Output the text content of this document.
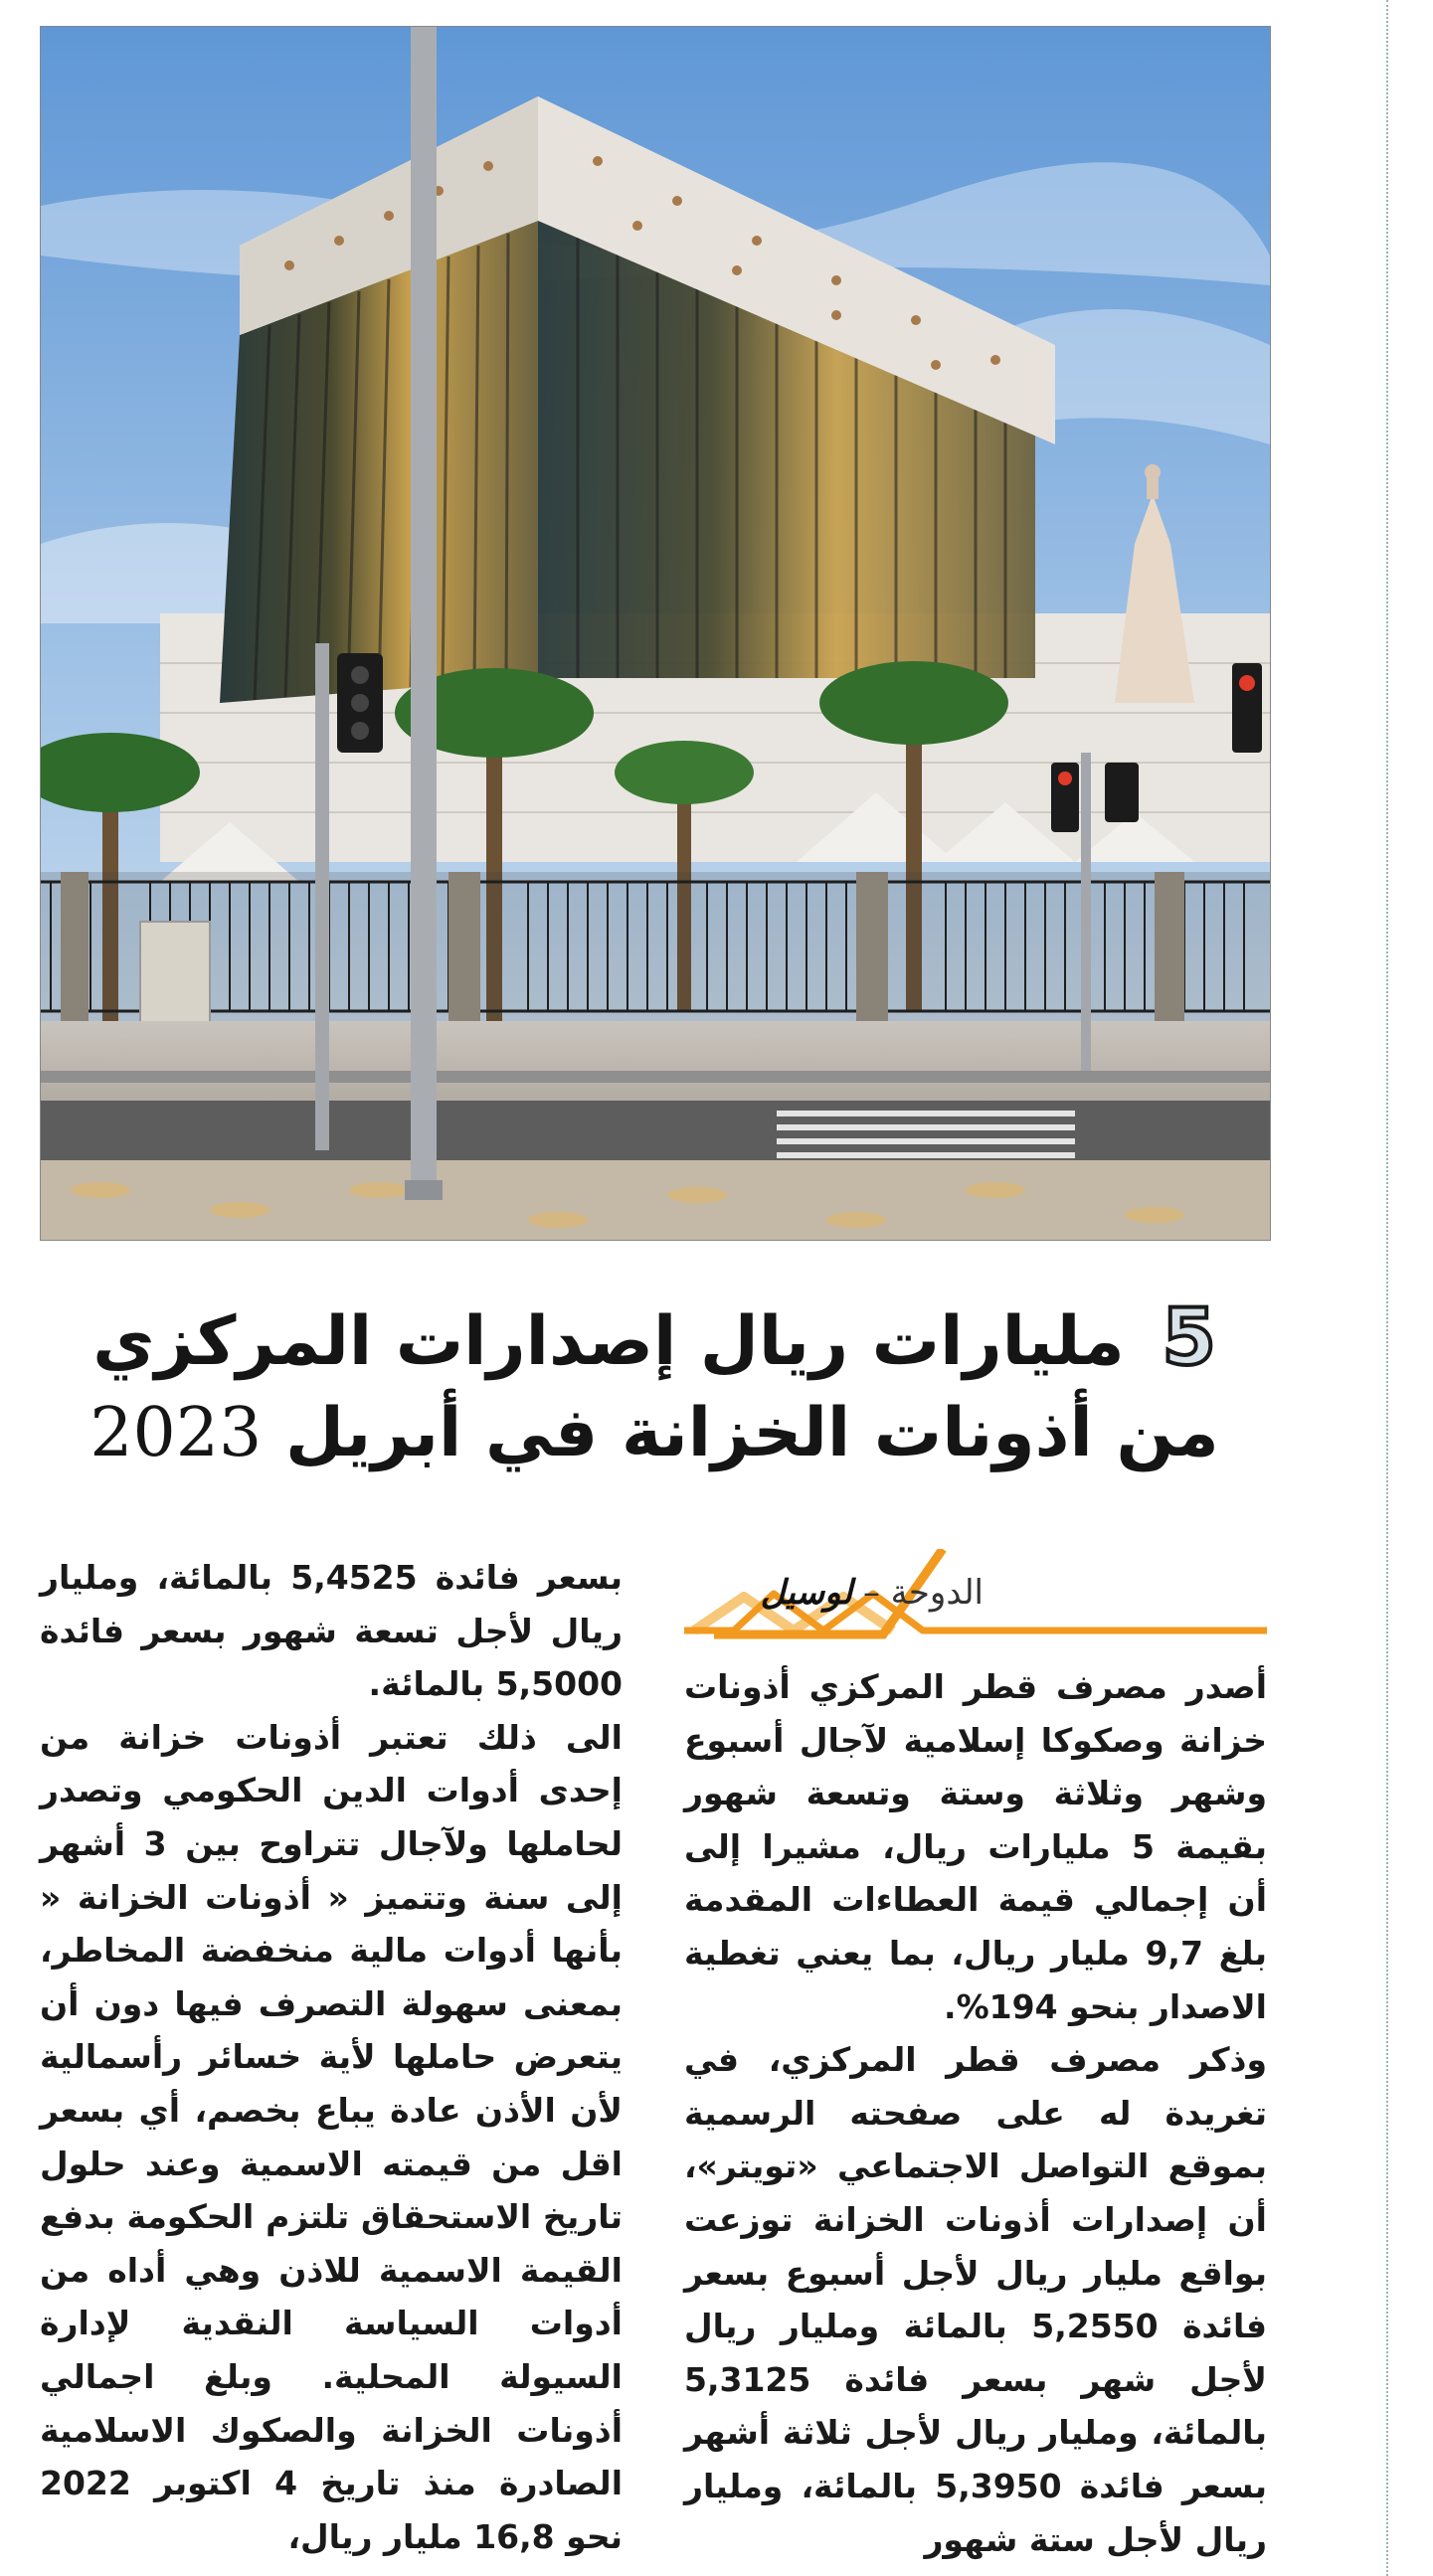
5 مليارات ريال إصدارات المركزي
من أذونات الخزانة في أبريل 2023
الدوحة – لوسيل

أصدر مصرف قطر المركزي أذونات خزانة وصكوكا إسلامية لآجال أسبوع وشهر وثلاثة وستة وتسعة شهور بقيمة 5 مليارات ريال، مشيرا إلى أن إجمالي قيمة العطاءات المقدمة بلغ 9,7 مليار ريال، بما يعني تغطية الاصدار بنحو 194%.

وذكر مصرف قطر المركزي، في تغريدة له على صفحته الرسمية بموقع التواصل الاجتماعي «تويتر»، أن إصدارات أذونات الخزانة توزعت بواقع مليار ريال لأجل أسبوع بسعر فائدة 5,2550 بالمائة ومليار ريال لأجل شهر بسعر فائدة 5,3125 بالمائة، ومليار ريال لأجل ثلاثة أشهر بسعر فائدة 5,3950 بالمائة، ومليار ريال لأجل ستة شهور

بسعر فائدة 5,4525 بالمائة، ومليار ريال لأجل تسعة شهور بسعر فائدة 5,5000 بالمائة.

الى ذلك تعتبر أذونات خزانة من إحدى أدوات الدين الحكومي وتصدر لحاملها ولآجال تتراوح بين 3 أشهر إلى سنة وتتميز « أذونات الخزانة « بأنها أدوات مالية منخفضة المخاطر، بمعنى سهولة التصرف فيها دون أن يتعرض حاملها لأية خسائر رأسمالية لأن الأذن عادة يباع بخصم، أي بسعر اقل من قيمته الاسمية وعند حلول تاريخ الاستحقاق تلتزم الحكومة بدفع القيمة الاسمية للاذن وهي أداه من أدوات السياسة النقدية لإدارة السيولة المحلية. وبلغ اجمالي أذونات الخزانة والصكوك الاسلامية الصادرة منذ تاريخ 4 اكتوبر 2022 نحو 16,8 مليار ريال،
